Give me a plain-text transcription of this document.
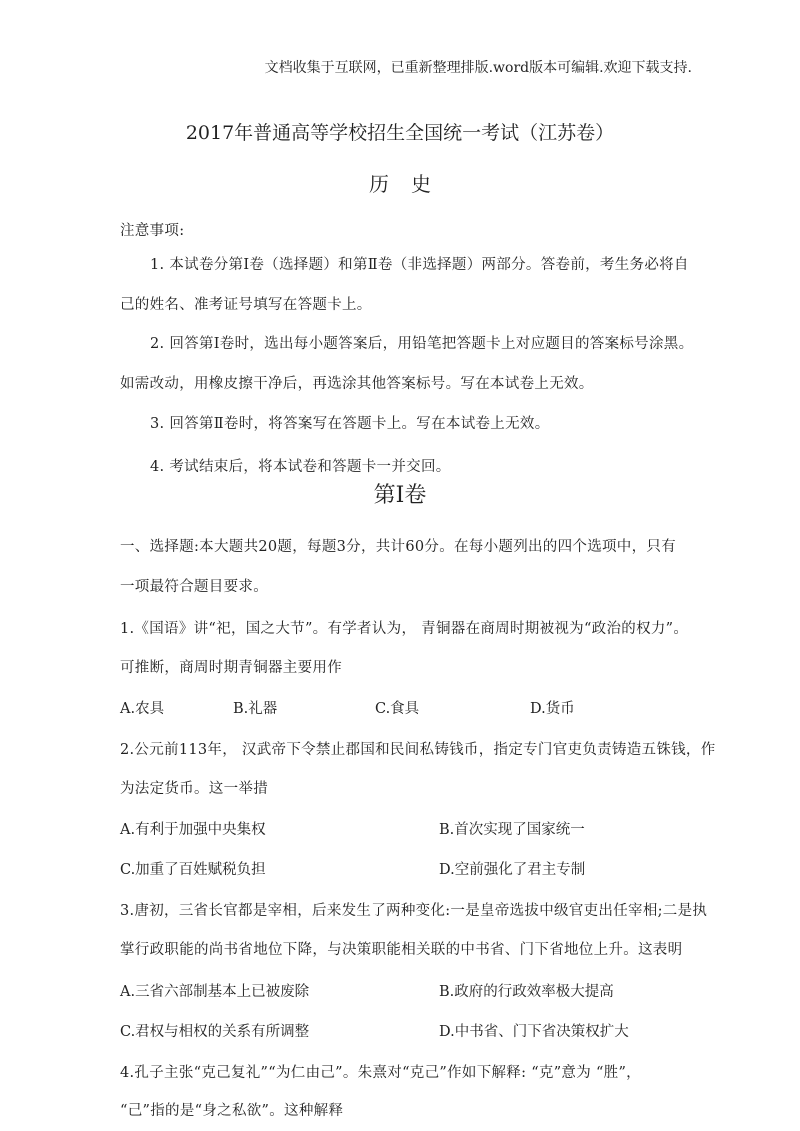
文档收集于互联网，已重新整理排版.word版本可编辑.欢迎下载支持.
2017年普通高等学校招生全国统一考试（江苏卷）
历史
注意事项:
1. 本试卷分第Ⅰ卷（选择题）和第Ⅱ卷（非选择题）两部分。答卷前，考生务必将自
己的姓名、准考证号填写在答题卡上。
2. 回答第Ⅰ卷时，选出每小题答案后，用铅笔把答题卡上对应题目的答案标号涂黑。
如需改动，用橡皮擦干净后，再选涂其他答案标号。写在本试卷上无效。
3. 回答第Ⅱ卷时，将答案写在答题卡上。写在本试卷上无效。
4. 考试结束后，将本试卷和答题卡一并交回。
第Ⅰ卷
一、选择题:本大题共20题，每题3分，共计60分。在每小题列出的四个选项中，只有
一项最符合题目要求。
1.《国语》讲“祀，国之大节”。有学者认为， 青铜器在商周时期被视为“政治的权力”。
可推断，商周时期青铜器主要用作
A.农具	B.礼器	C.食具	D.货币
2.公元前113年， 汉武帝下令禁止郡国和民间私铸钱币，指定专门官吏负责铸造五铢钱，作
为法定货币。这一举措
A.有利于加强中央集权	B.首次实现了国家统一
C.加重了百姓赋税负担	D.空前强化了君主专制
3.唐初，三省长官都是宰相，后来发生了两种变化:一是皇帝选拔中级官吏出任宰相;二是执
掌行政职能的尚书省地位下降，与决策职能相关联的中书省、门下省地位上升。这表明
A.三省六部制基本上已被废除	B.政府的行政效率极大提高
C.君权与相权的关系有所调整	D.中书省、门下省决策权扩大
4.孔子主张“克己复礼”“为仁由己”。朱熹对“克己”作如下解释: “克”意为 “胜”，
“己”指的是“身之私欲”。这种解释
